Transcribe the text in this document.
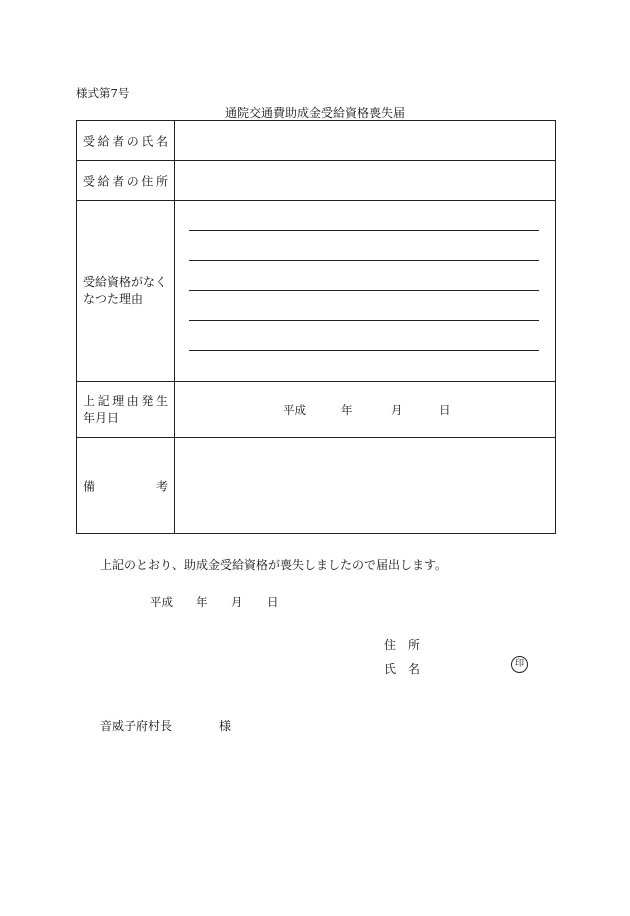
様式第7号
通院交通費助成金受給資格喪失届
受 給 者 の 氏 名
受 給 者 の 住 所
受給資格がなく
なつた理由
上 記 理 由 発 生
年月日
平成	年	月	日
備	考
上記のとおり、助成金受給資格が喪失しましたので届出します。
平成 年 月 日
住　所
氏　名	印
音威子府村長	様
